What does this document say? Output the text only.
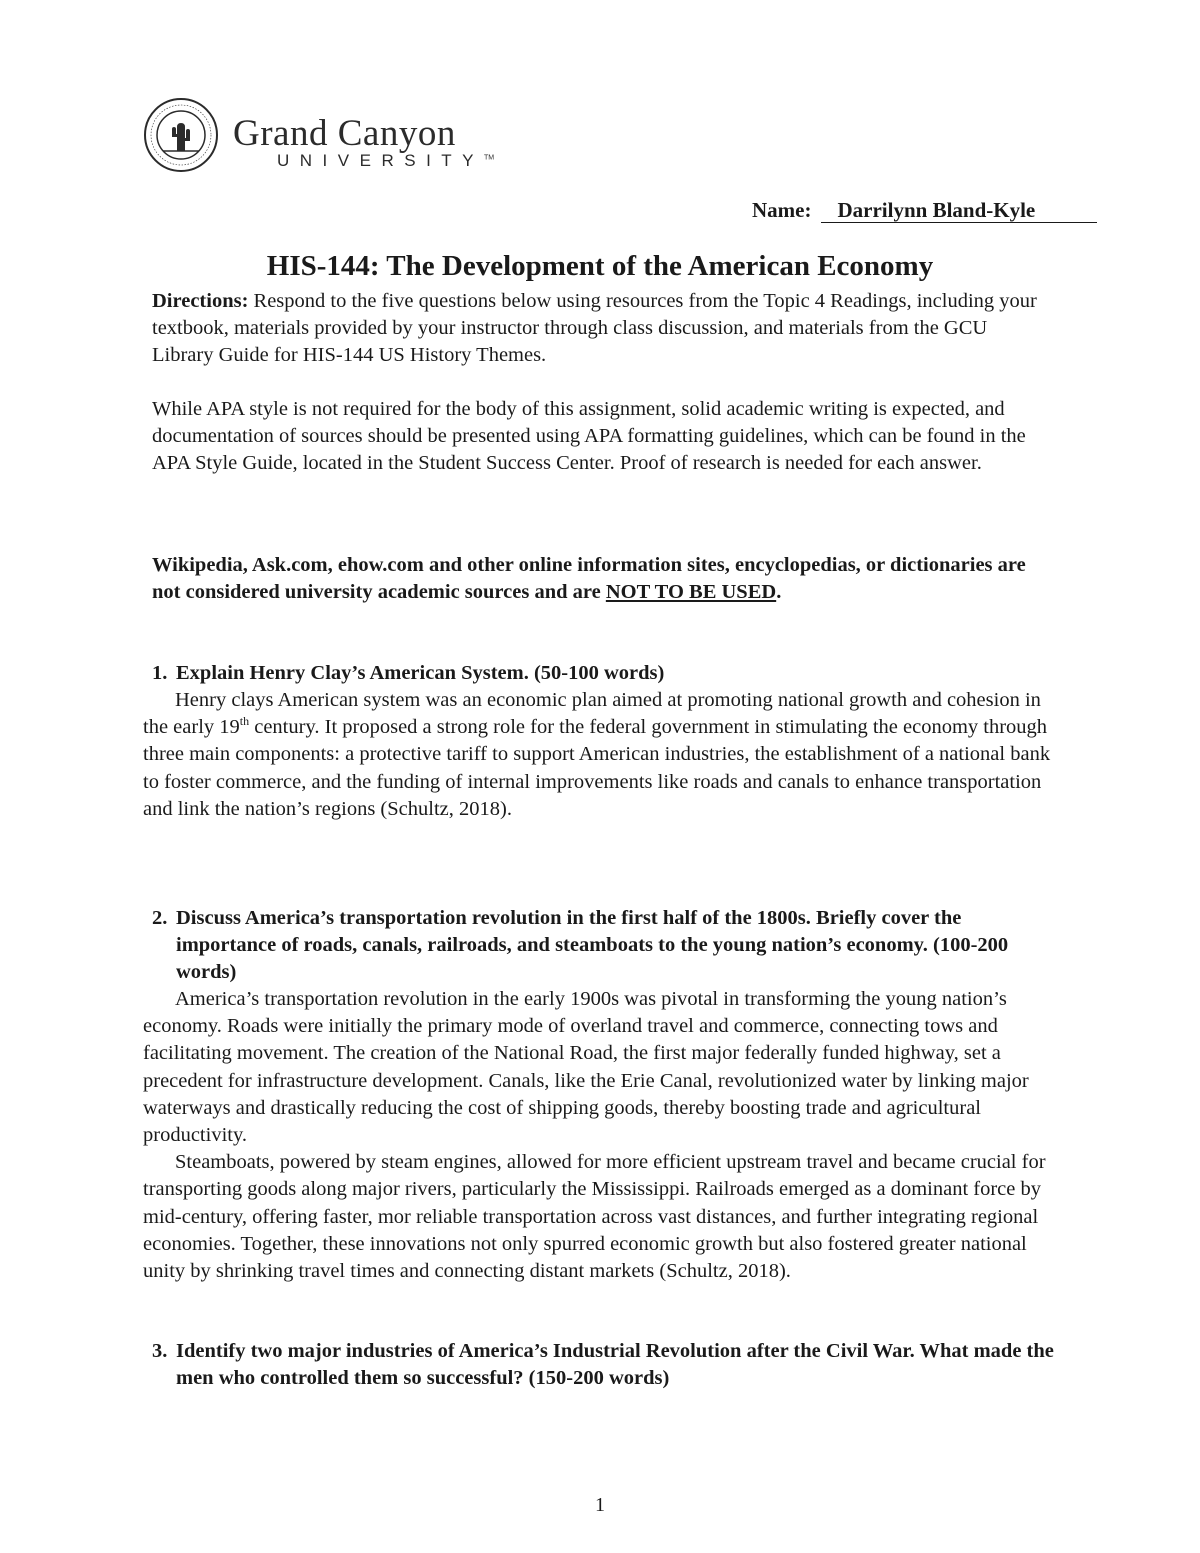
Grand Canyon
UNIVERSITY™
Name: Darrilynn Bland-Kyle
HIS-144: The Development of the American Economy

Directions: Respond to the five questions below using resources from the Topic 4 Readings, including your textbook, materials provided by your instructor through class discussion, and materials from the GCU Library Guide for HIS-144 US History Themes.

While APA style is not required for the body of this assignment, solid academic writing is expected, and documentation of sources should be presented using APA formatting guidelines, which can be found in the APA Style Guide, located in the Student Success Center. Proof of research is needed for each answer.

Wikipedia, Ask.com, ehow.com and other online information sites, encyclopedias, or dictionaries are not considered university academic sources and are NOT TO BE USED.

1. Explain Henry Clay’s American System. (50-100 words)

Henry clays American system was an economic plan aimed at promoting national growth and cohesion in the early 19th century. It proposed a strong role for the federal government in stimulating the economy through three main components: a protective tariff to support American industries, the establishment of a national bank to foster commerce, and the funding of internal improvements like roads and canals to enhance transportation and link the nation’s regions (Schultz, 2018).

2. Discuss America’s transportation revolution in the first half of the 1800s. Briefly cover the importance of roads, canals, railroads, and steamboats to the young nation’s economy. (100-200 words)

America’s transportation revolution in the early 1900s was pivotal in transforming the young nation’s economy. Roads were initially the primary mode of overland travel and commerce, connecting tows and facilitating movement. The creation of the National Road, the first major federally funded highway, set a precedent for infrastructure development. Canals, like the Erie Canal, revolutionized water by linking major waterways and drastically reducing the cost of shipping goods, thereby boosting trade and agricultural productivity.

Steamboats, powered by steam engines, allowed for more efficient upstream travel and became crucial for transporting goods along major rivers, particularly the Mississippi. Railroads emerged as a dominant force by mid-century, offering faster, mor reliable transportation across vast distances, and further integrating regional economies. Together, these innovations not only spurred economic growth but also fostered greater national unity by shrinking travel times and connecting distant markets (Schultz, 2018).

3. Identify two major industries of America’s Industrial Revolution after the Civil War. What made the men who controlled them so successful? (150-200 words)
1
